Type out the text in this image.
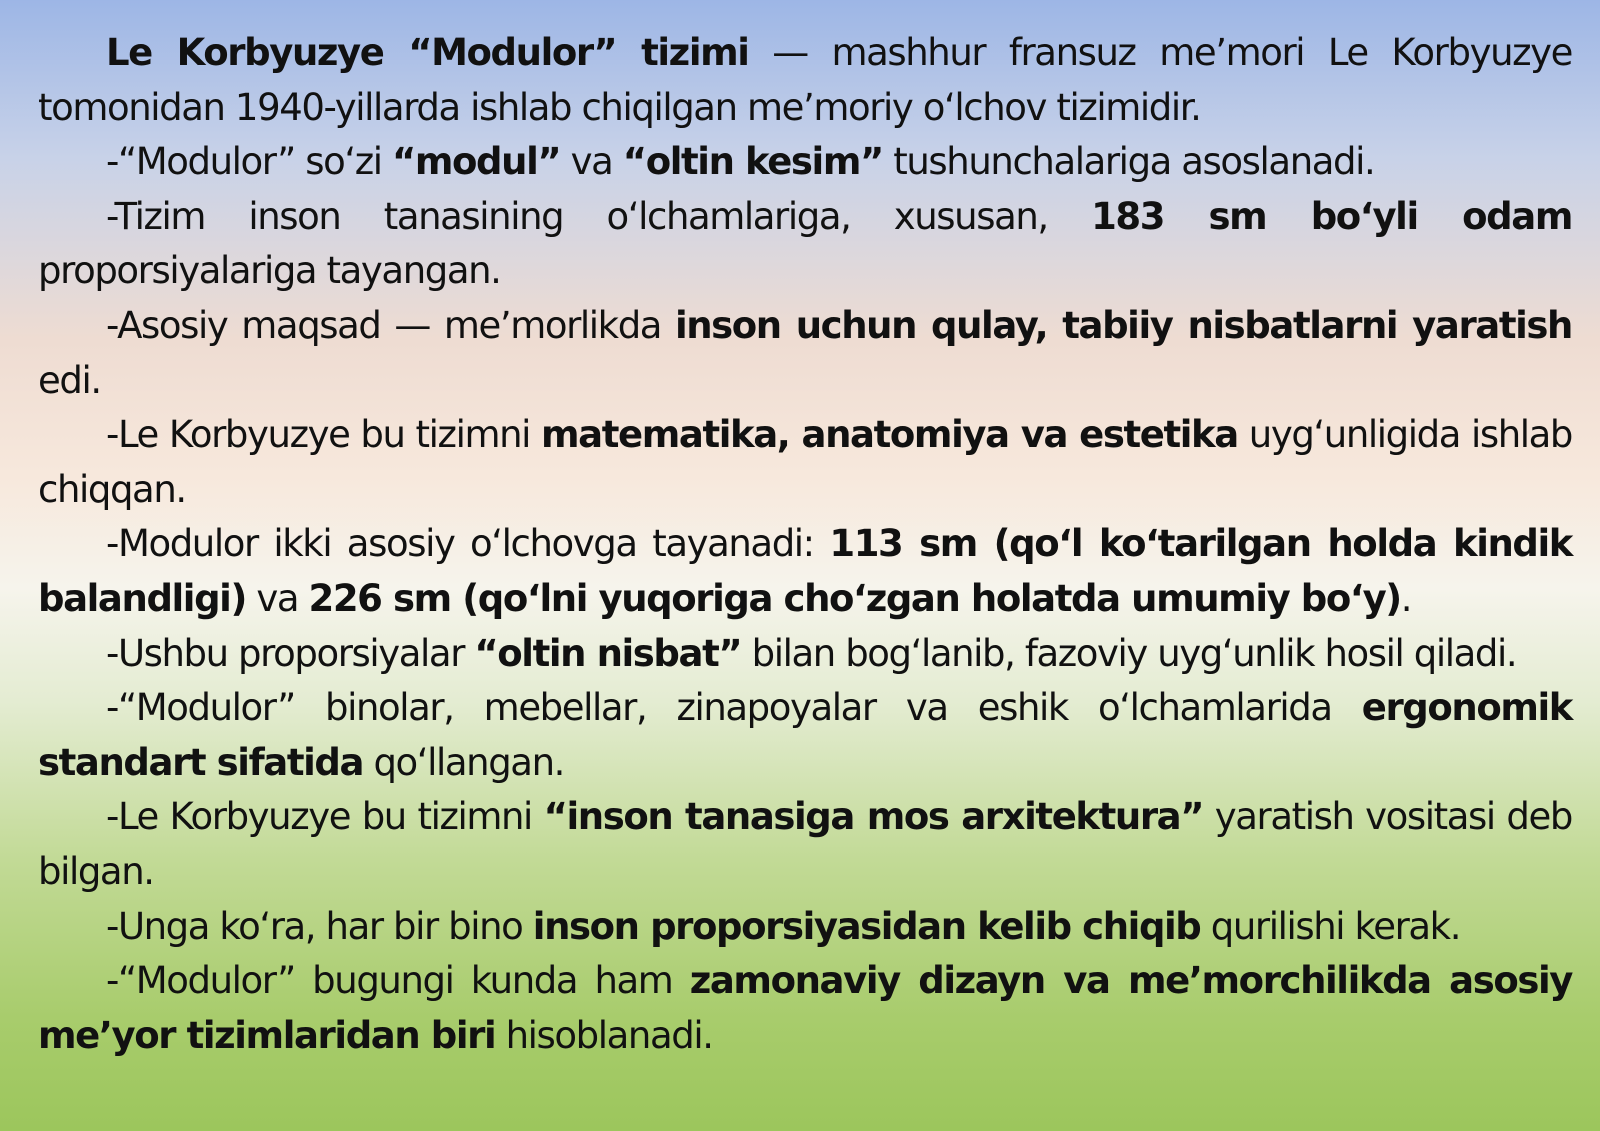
Le Korbyuzye “Modulor” tizimi — mashhur fransuz me’mori Le Korbyuzye tomonidan 1940-yillarda ishlab chiqilgan me’moriy oʻlchov tizimidir.

-“Modulor” soʻzi “modul” va “oltin kesim” tushunchalariga asoslanadi.

-Tizim inson tanasining oʻlchamlariga, xususan, 183 sm boʻyli odam proporsiyalariga tayangan.

-Asosiy maqsad — me’morlikda inson uchun qulay, tabiiy nisbatlarni yaratish edi.

-Le Korbyuzye bu tizimni matematika, anatomiya va estetika uygʻunligida ishlab chiqqan.

-Modulor ikki asosiy oʻlchovga tayanadi: 113 sm (qoʻl koʻtarilgan holda kindik balandligi) va 226 sm (qoʻlni yuqoriga choʻzgan holatda umumiy boʻy).

-Ushbu proporsiyalar “oltin nisbat” bilan bogʻlanib, fazoviy uygʻunlik hosil qiladi.

-“Modulor” binolar, mebellar, zinapoyalar va eshik oʻlchamlarida ergonomik standart sifatida qoʻllangan.

-Le Korbyuzye bu tizimni “inson tanasiga mos arxitektura” yaratish vositasi deb bilgan.

-Unga koʻra, har bir bino inson proporsiyasidan kelib chiqib qurilishi kerak.

-“Modulor” bugungi kunda ham zamonaviy dizayn va me’morchilikda asosiy me’yor tizimlaridan biri hisoblanadi.
